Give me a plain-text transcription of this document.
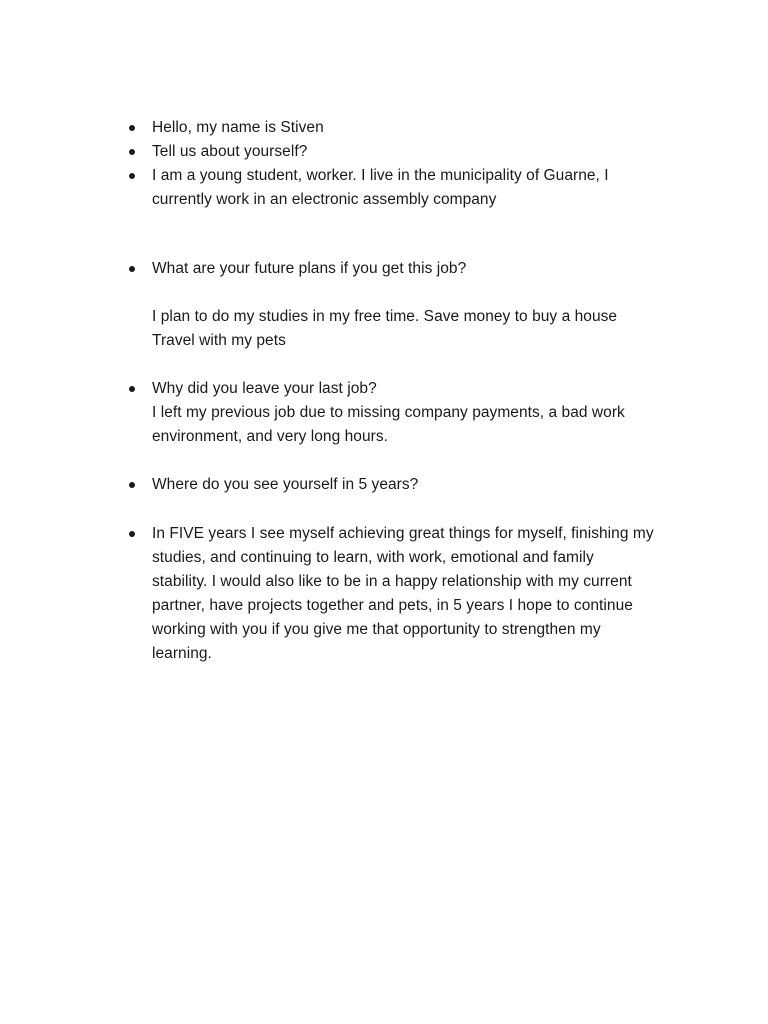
Hello, my name is Stiven
Tell us about yourself?
I am a young student, worker. I live in the municipality of Guarne, I
currently work in an electronic assembly company
What are your future plans if you get this job?
I plan to do my studies in my free time. Save money to buy a house
Travel with my pets
Why did you leave your last job?
I left my previous job due to missing company payments, a bad work
environment, and very long hours.
Where do you see yourself in 5 years?
In FIVE years I see myself achieving great things for myself, finishing my
studies, and continuing to learn, with work, emotional and family
stability. I would also like to be in a happy relationship with my current
partner, have projects together and pets, in 5 years I hope to continue
working with you if you give me that opportunity to strengthen my
learning.
